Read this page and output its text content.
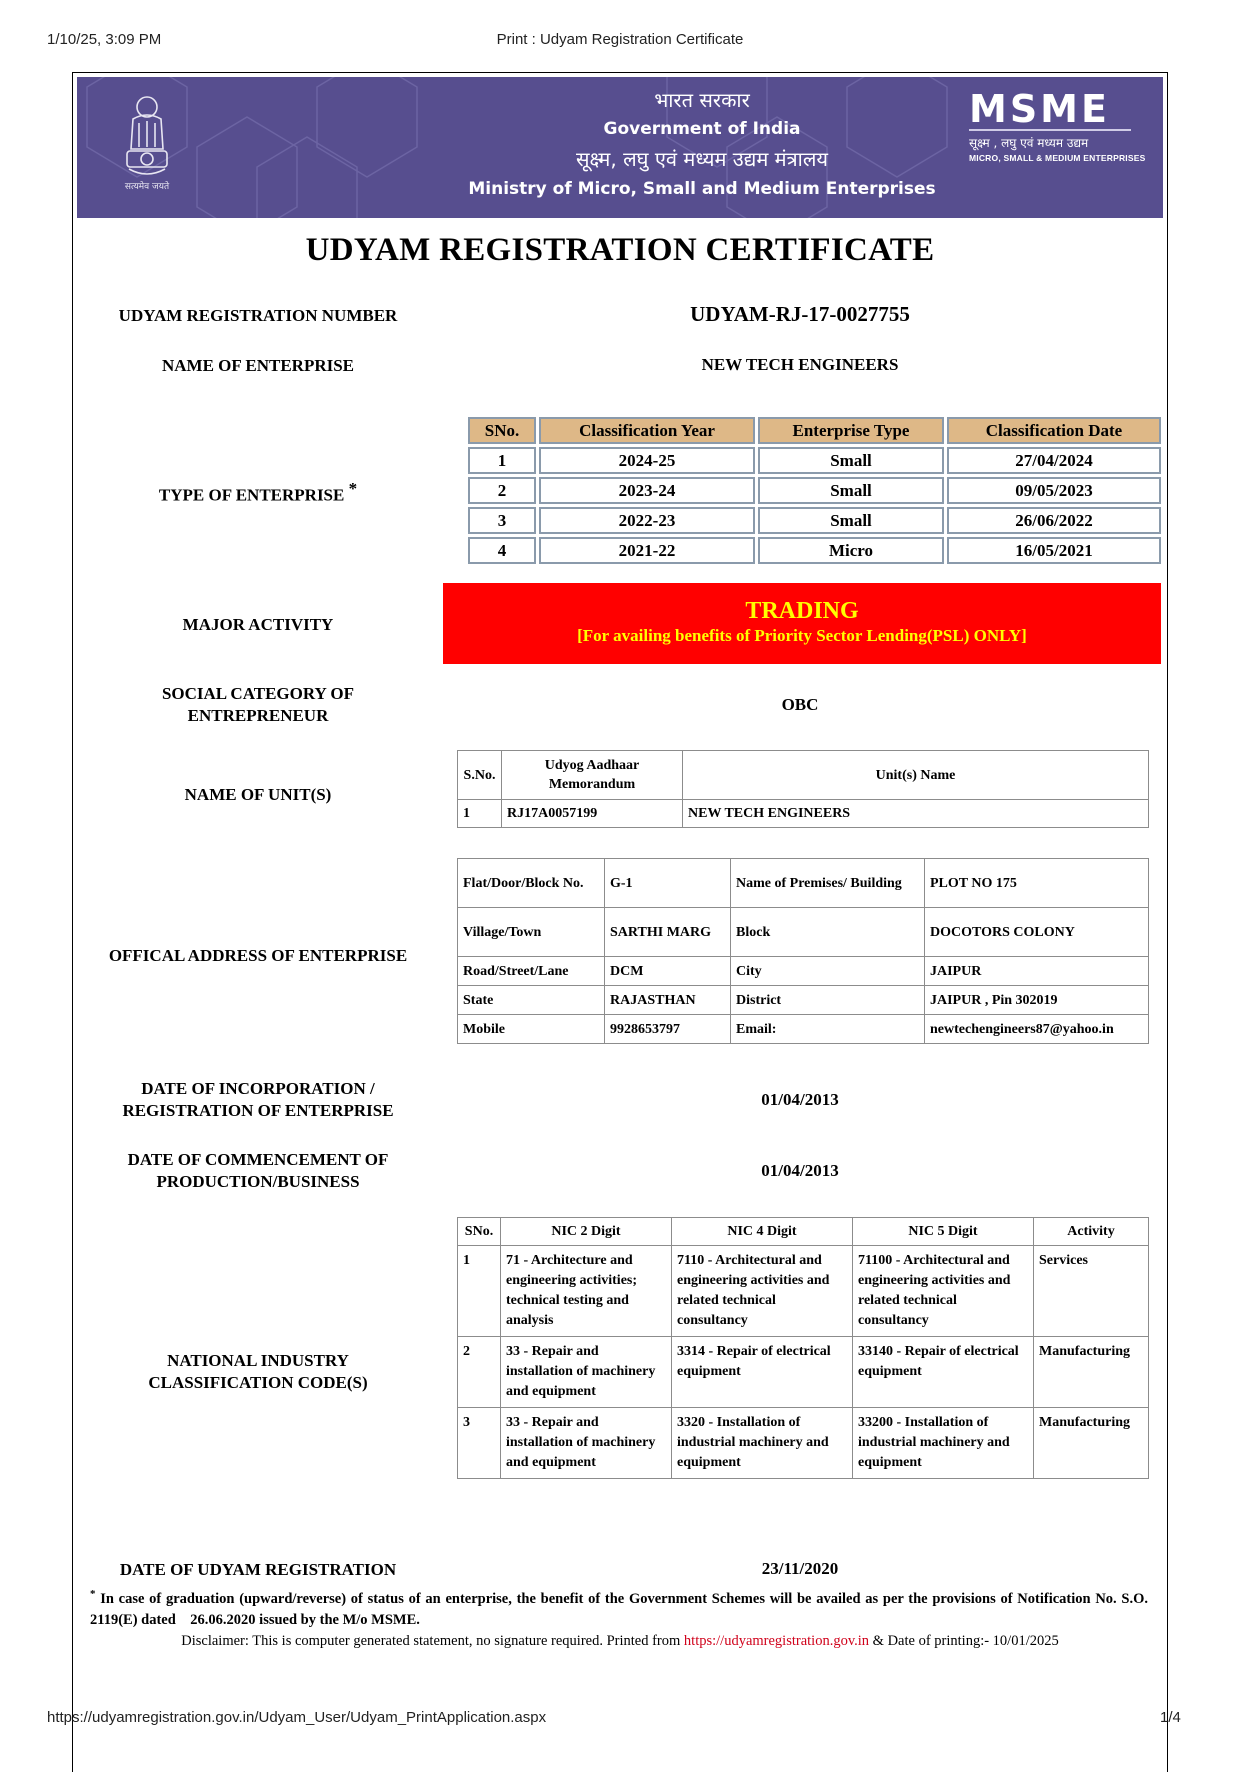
1/10/25, 3:09 PM	Print : Udyam Registration Certificate
सत्यमेव जयते
भारत सरकार
Government of India
सूक्ष्म, लघु एवं मध्यम उद्यम मंत्रालय
Ministry of Micro, Small and Medium Enterprises
MSME
सूक्ष्म , लघु एवं मध्यम उद्यम
MICRO, SMALL & MEDIUM ENTERPRISES
UDYAM REGISTRATION CERTIFICATE
UDYAM REGISTRATION NUMBER	UDYAM-RJ-17-0027755
NAME OF ENTERPRISE	NEW TECH ENGINEERS
TYPE OF ENTERPRISE *
SNo.	Classification Year	Enterprise Type	Classification Date
1	2024-25	Small	27/04/2024
2	2023-24	Small	09/05/2023
3	2022-23	Small	26/06/2022
4	2021-22	Micro	16/05/2021
MAJOR ACTIVITY
TRADING
[For availing benefits of Priority Sector Lending(PSL) ONLY]
SOCIAL CATEGORY OF
ENTREPRENEUR
OBC
NAME OF UNIT(S)
S.No.	Udyog Aadhaar Memorandum	Unit(s) Name
1	RJ17A0057199	NEW TECH ENGINEERS
OFFICAL ADDRESS OF ENTERPRISE
Flat/Door/Block No.	G-1	Name of Premises/ Building	PLOT NO 175
Village/Town	SARTHI MARG	Block	DOCOTORS COLONY
Road/Street/Lane	DCM	City	JAIPUR
State	RAJASTHAN	District	JAIPUR , Pin 302019
Mobile	9928653797	Email:	newtechengineers87@yahoo.in
DATE OF INCORPORATION /
REGISTRATION OF ENTERPRISE
01/04/2013
DATE OF COMMENCEMENT OF
PRODUCTION/BUSINESS
01/04/2013
NATIONAL INDUSTRY
CLASSIFICATION CODE(S)
SNo.	NIC 2 Digit	NIC 4 Digit	NIC 5 Digit	Activity
1	71 - Architecture and engineering activities; technical testing and analysis	7110 - Architectural and engineering activities and related technical consultancy	71100 - Architectural and engineering activities and related technical consultancy	Services
2	33 - Repair and installation of machinery and equipment	3314 - Repair of electrical equipment	33140 - Repair of electrical equipment	Manufacturing
3	33 - Repair and installation of machinery and equipment	3320 - Installation of industrial machinery and equipment	33200 - Installation of industrial machinery and equipment	Manufacturing
DATE OF UDYAM REGISTRATION	23/11/2020
* In case of graduation (upward/reverse) of status of an enterprise, the benefit of the Government Schemes will be availed as per the provisions of Notification No. S.O. 2119(E) dated    26.06.2020 issued by the M/o MSME.
Disclaimer: This is computer generated statement, no signature required. Printed from https://udyamregistration.gov.in & Date of printing:- 10/01/2025
https://udyamregistration.gov.in/Udyam_User/Udyam_PrintApplication.aspx	1/4
